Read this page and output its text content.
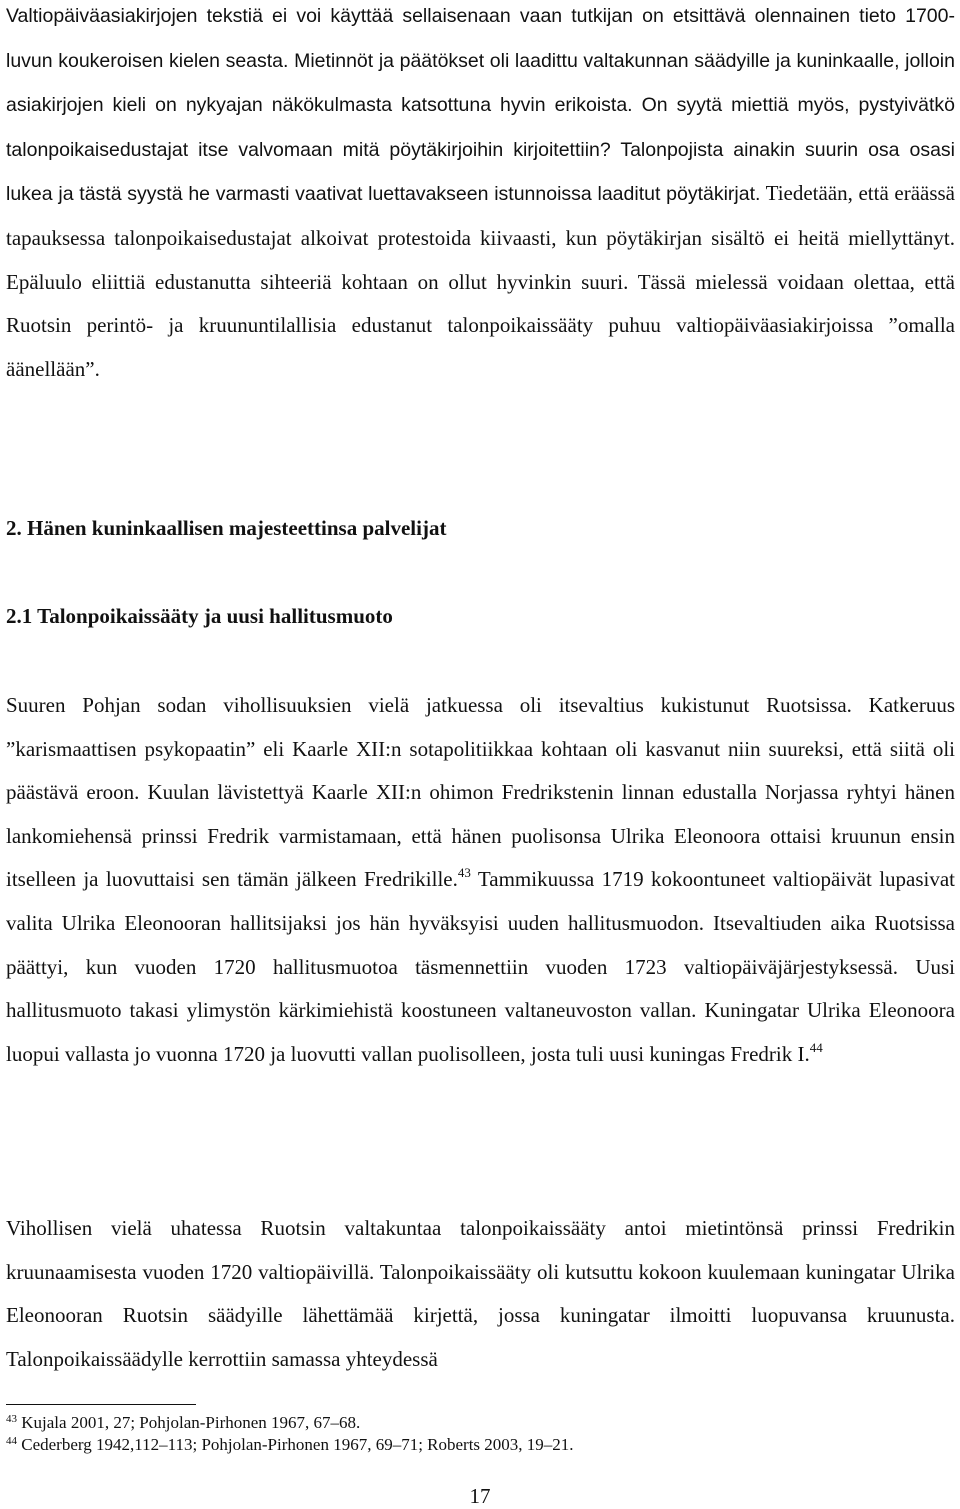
Valtiopäiväasiakirjojen tekstiä ei voi käyttää sellaisenaan vaan tutkijan on etsittävä olennainen tieto 1700-luvun koukeroisen kielen seasta. Mietinnöt ja päätökset oli laadittu valtakunnan säädyille ja kuninkaalle, jolloin asiakirjojen kieli on nykyajan näkökulmasta katsottuna hyvin erikoista. On syytä miettiä myös, pystyivätkö talonpoikaisedustajat itse valvomaan mitä pöytäkirjoihin kirjoitettiin? Talonpojista ainakin suurin osa osasi lukea ja tästä syystä he varmasti vaativat luettavakseen istunnoissa laaditut pöytäkirjat. Tiedetään, että eräässä tapauksessa talonpoikaisedustajat alkoivat protestoida kiivaasti, kun pöytäkirjan sisältö ei heitä miellyttänyt. Epäluulo eliittiä edustanutta sihteeriä kohtaan on ollut hyvinkin suuri. Tässä mielessä voidaan olettaa, että Ruotsin perintö- ja kruununtilallisia edustanut talonpoikaissääty puhuu valtiopäiväasiakirjoissa ”omalla äänellään”.

2. Hänen kuninkaallisen majesteettinsa palvelijat
2.1 Talonpoikaissääty ja uusi hallitusmuoto

Suuren Pohjan sodan vihollisuuksien vielä jatkuessa oli itsevaltius kukistunut Ruotsissa. Katkeruus ”karismaattisen psykopaatin” eli Kaarle XII:n sotapolitiikkaa kohtaan oli kasvanut niin suureksi, että siitä oli päästävä eroon. Kuulan lävistettyä Kaarle XII:n ohimon Fredrikstenin linnan edustalla Norjassa ryhtyi hänen lankomiehensä prinssi Fredrik varmistamaan, että hänen puolisonsa Ulrika Eleonoora ottaisi kruunun ensin itselleen ja luovuttaisi sen tämän jälkeen Fredrikille.$^{43}$ Tammikuussa 1719 kokoontuneet valtiopäivät lupasivat valita Ulrika Eleonooran hallitsijaksi jos hän hyväksyisi uuden hallitusmuodon. Itsevaltiuden aika Ruotsissa päättyi, kun vuoden 1720 hallitusmuotoa täsmennettiin vuoden 1723 valtiopäiväjärjestyksessä. Uusi hallitusmuoto takasi ylimystön kärkimiehistä koostuneen valtaneuvoston vallan. Kuningatar Ulrika Eleonoora luopui vallasta jo vuonna 1720 ja luovutti vallan puolisolleen, josta tuli uusi kuningas Fredrik I.$^{44}$

Vihollisen vielä uhatessa Ruotsin valtakuntaa talonpoikaissääty antoi mietintönsä prinssi Fredrikin kruunaamisesta vuoden 1720 valtiopäivillä. Talonpoikaissääty oli kutsuttu kokoon kuulemaan kuningatar Ulrika Eleonooran Ruotsin säädyille lähettämää kirjettä, jossa kuningatar ilmoitti luopuvansa kruunusta. Talonpoikaissäädylle kerrottiin samassa yhteydessä

$^{43}$ Kujala 2001, 27; Pohjolan-Pirhonen 1967, 67–68.

$^{44}$ Cederberg 1942,112–113; Pohjolan-Pirhonen 1967, 69–71; Roberts 2003, 19–21.

17
